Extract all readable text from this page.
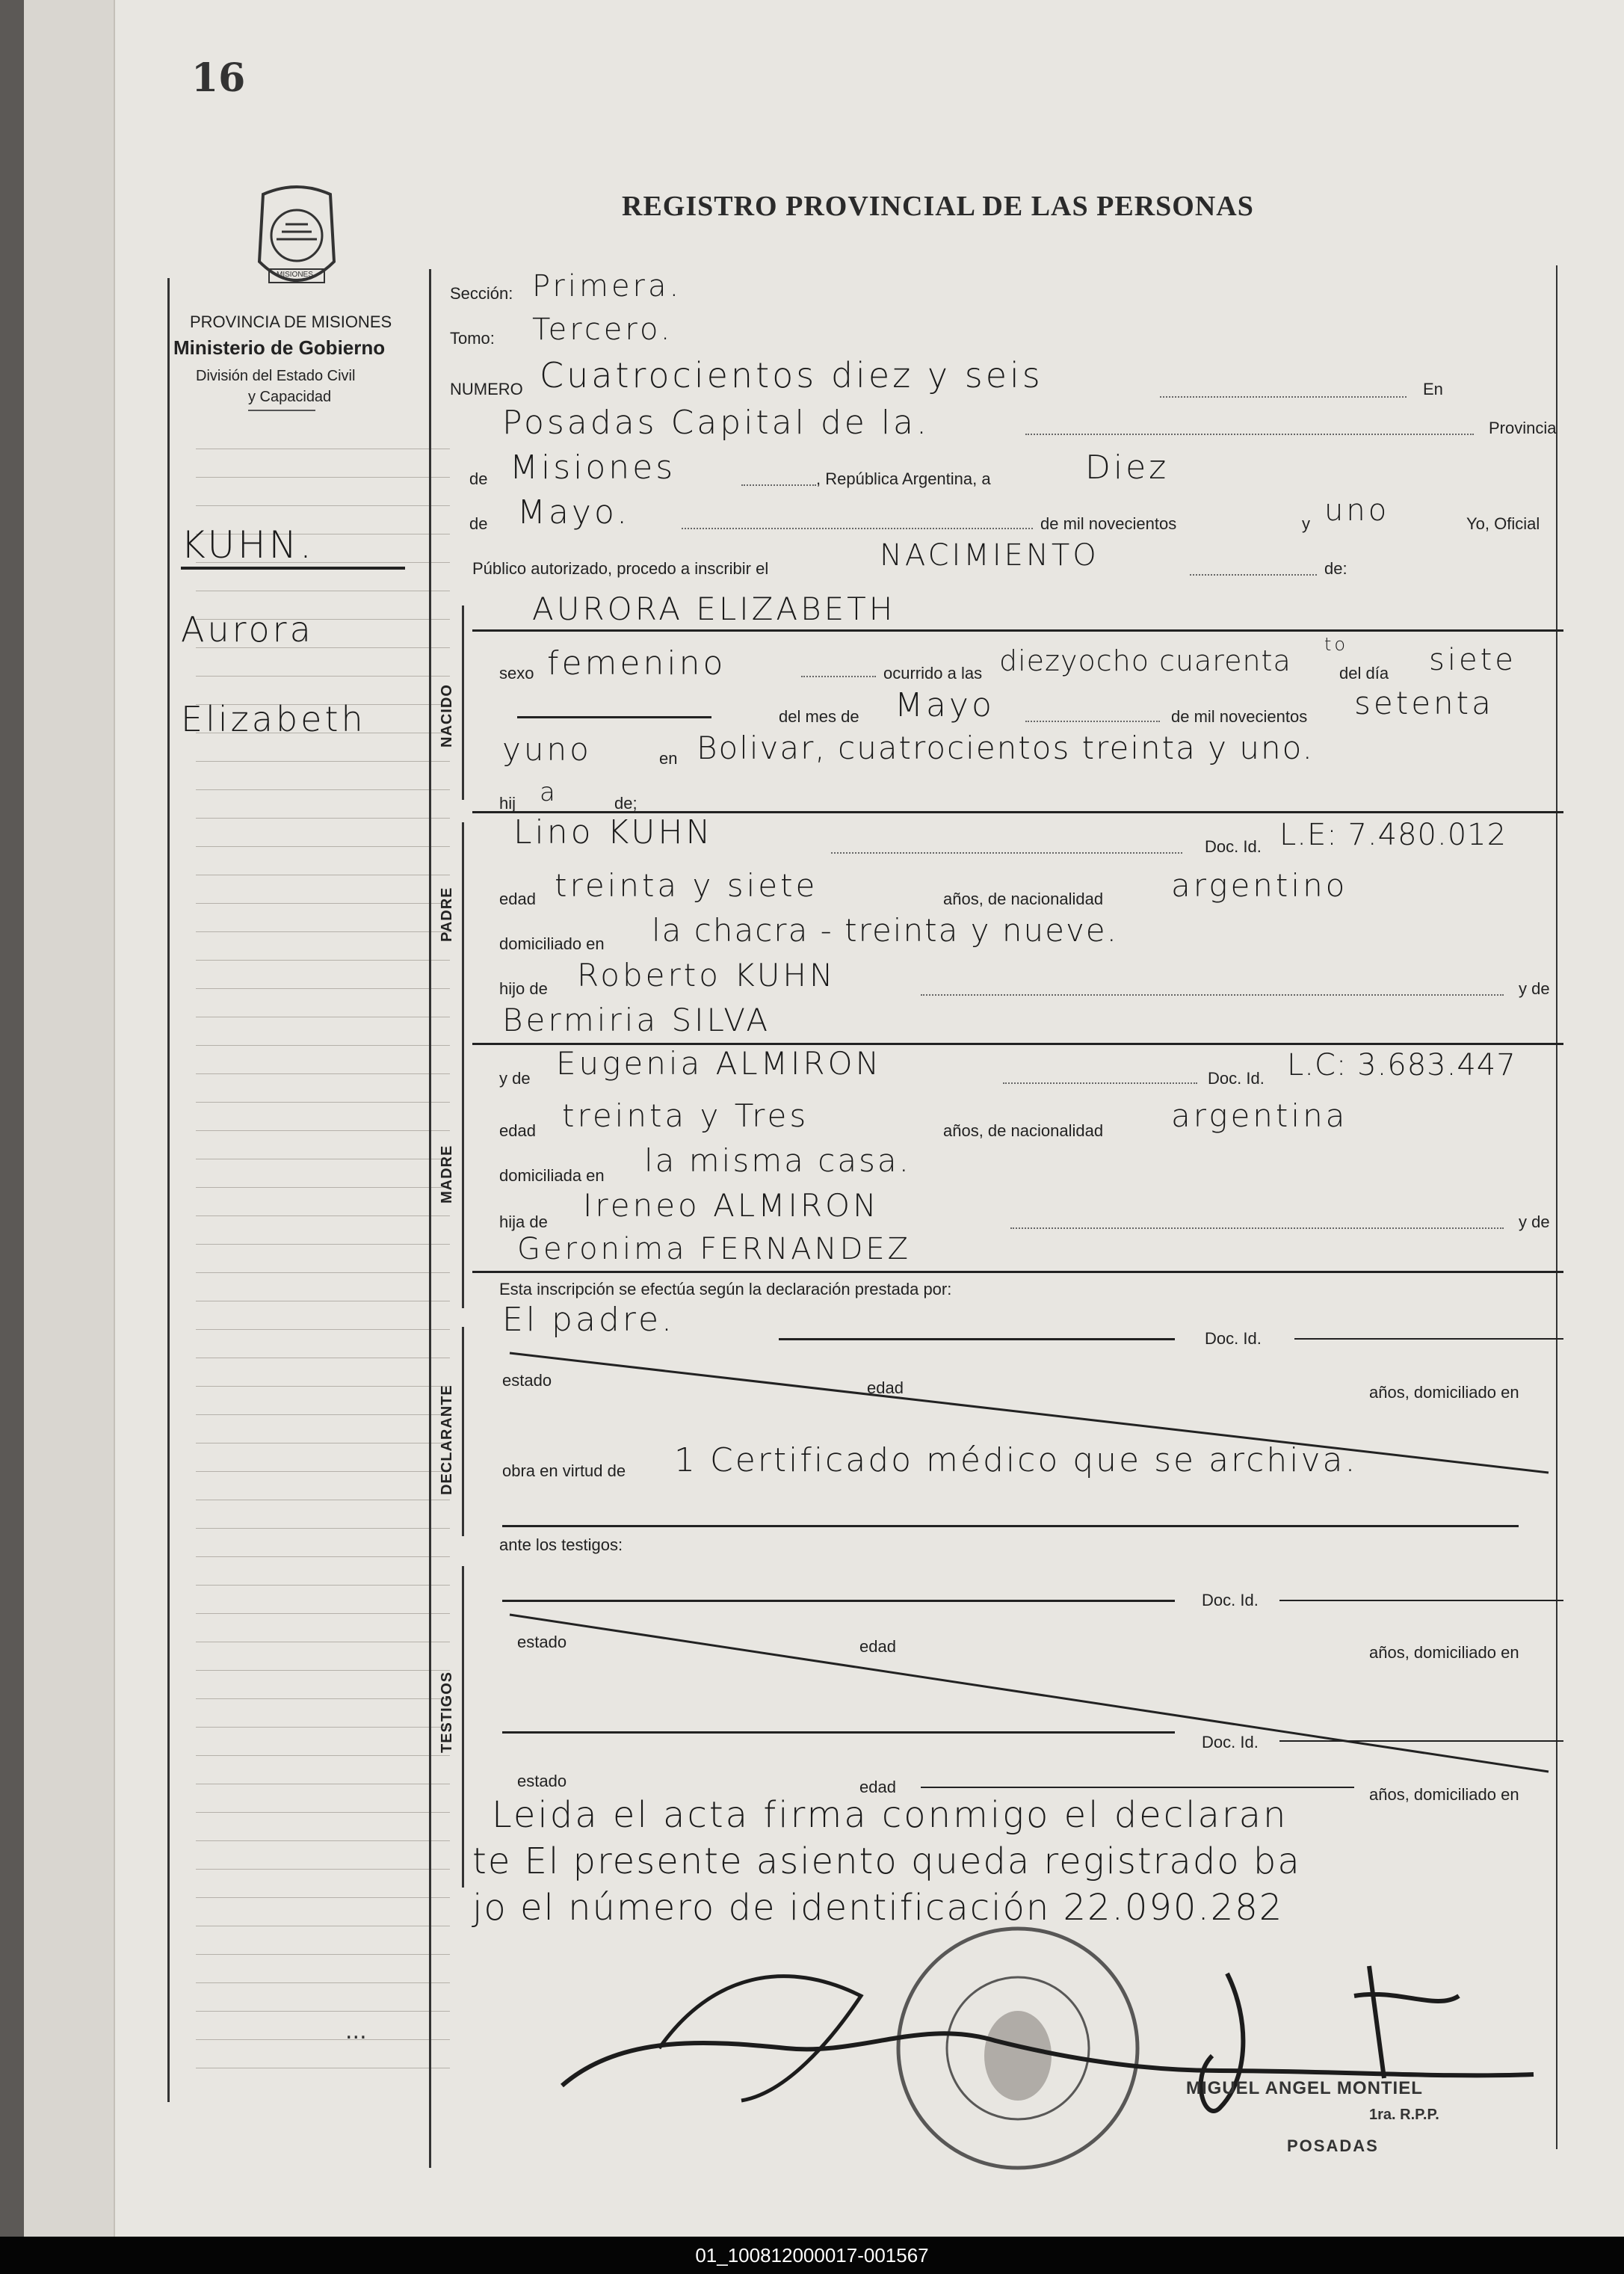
16
REGISTRO PROVINCIAL DE LAS PERSONAS
MISIONES
PROVINCIA DE MISIONES
Ministerio de Gobierno
División del Estado Civil
y Capacidad
KUHN.
Aurora
Elizabeth
...
NACIDO
PADRE
MADRE
DECLARANTE
TESTIGOS
Sección: Primera.
Tomo: Tercero.
NUMERO Cuatrocientos diez y seis	En
Posadas Capital de la.	Provincia
de Misiones	, República Argentina, a	Diez
de Mayo.	de mil novecientos	y uno	Yo, Oficial
Público autorizado, procedo a inscribir el	NACIMIENTO	de:
AURORA ELIZABETH
sexo femenino	ocurrido a las diezyocho cuarenta to
del día siete
del mes de Mayo	de mil novecientos setenta
yuno	en Bolivar, cuatrocientos treinta y uno.
hij a	de;
Lino KUHN	Doc. Id. L.E: 7.480.012
edad treinta y siete	años, de nacionalidad argentino
domiciliado en la chacra - treinta y nueve.
hijo de Roberto KUHN	y de
Bermiria SILVA
y de Eugenia ALMIRON	Doc. Id. L.C: 3.683.447
edad treinta y Tres	años, de nacionalidad argentina
domiciliada en la misma casa.
hija de Ireneo ALMIRON	y de
Geronima FERNANDEZ
Esta inscripción se efectúa según la declaración prestada por:
El padre.	Doc. Id.
estado	edad	años, domiciliado en
obra en virtud de 1 Certificado médico que se archiva.
ante los testigos:
Doc. Id.
estado	edad	años, domiciliado en
Doc. Id.
estado	edad	años, domiciliado en
Leida el acta firma conmigo el declaran
te El presente asiento queda registrado ba
jo el número de identificación 22.090.282
MIGUEL ANGEL MONTIEL
1ra. R.P.P.
POSADAS
01_100812000017-001567
